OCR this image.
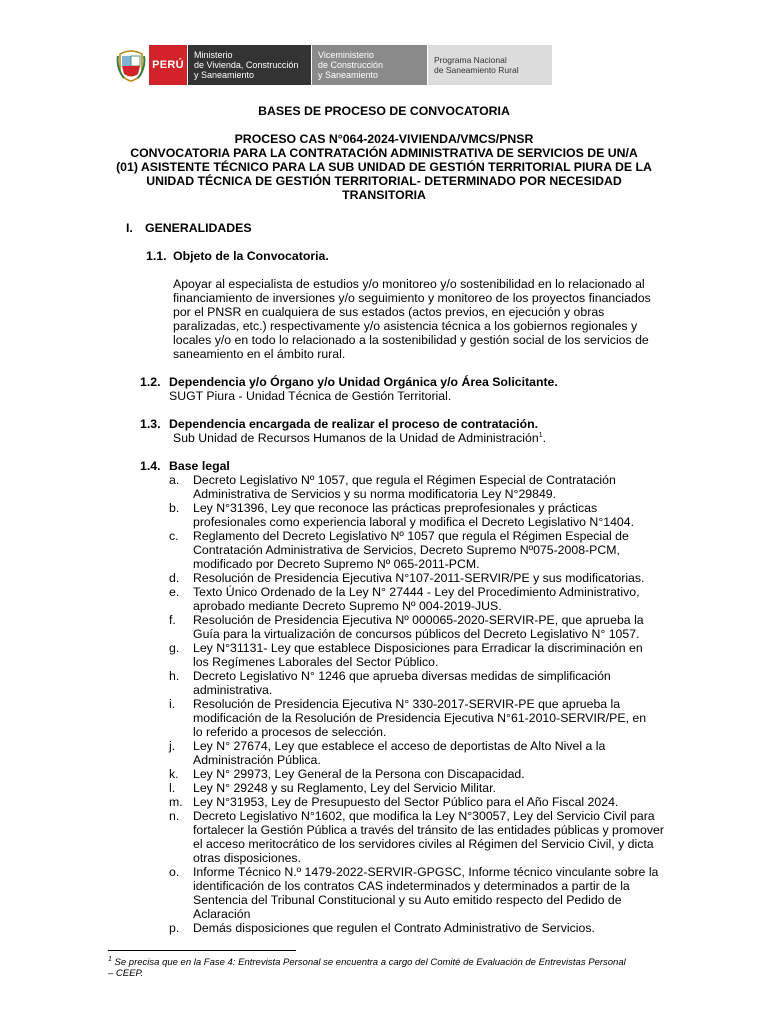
PERÚ
Ministerio
de Vivienda, Construcción
y Saneamiento
Viceministerio
de Construcción
y Saneamiento
Programa Nacional
de Saneamiento Rural
BASES DE PROCESO DE CONVOCATORIA
PROCESO CAS N°064-2024-VIVIENDA/VMCS/PNSR
CONVOCATORIA PARA LA CONTRATACIÓN ADMINISTRATIVA DE SERVICIOS DE UN/A
(01) ASISTENTE TÉCNICO PARA LA SUB UNIDAD DE GESTIÓN TERRITORIAL PIURA DE LA
UNIDAD TÉCNICA DE GESTIÓN TERRITORIAL- DETERMINADO POR NECESIDAD
TRANSITORIA
I. GENERALIDADES
1.1. Objeto de la Convocatoria.
Apoyar al especialista de estudios y/o monitoreo y/o sostenibilidad en lo relacionado al
financiamiento de inversiones y/o seguimiento y monitoreo de los proyectos financiados
por el PNSR en cualquiera de sus estados (actos previos, en ejecución y obras
paralizadas, etc.) respectivamente y/o asistencia técnica a los gobiernos regionales y
locales y/o en todo lo relacionado a la sostenibilidad y gestión social de los servicios de
saneamiento en el ámbito rural.
1.2. Dependencia y/o Órgano y/o Unidad Orgánica y/o Área Solicitante.
SUGT Piura - Unidad Técnica de Gestión Territorial.
1.3. Dependencia encargada de realizar el proceso de contratación.
Sub Unidad de Recursos Humanos de la Unidad de Administración$^1$.
1.4. Base legal
a. Decreto Legislativo Nº 1057, que regula el Régimen Especial de Contratación
Administrativa de Servicios y su norma modificatoria Ley N°29849.
b. Ley N°31396, Ley que reconoce las prácticas preprofesionales y prácticas
profesionales como experiencia laboral y modifica el Decreto Legislativo N°1404.
c. Reglamento del Decreto Legislativo Nº 1057 que regula el Régimen Especial de
Contratación Administrativa de Servicios, Decreto Supremo Nº075-2008-PCM,
modificado por Decreto Supremo Nº 065-2011-PCM.
d. Resolución de Presidencia Ejecutiva N°107-2011-SERVIR/PE y sus modificatorias.
e. Texto Único Ordenado de la Ley N° 27444 - Ley del Procedimiento Administrativo,
aprobado mediante Decreto Supremo Nº 004-2019-JUS.
f. Resolución de Presidencia Ejecutiva Nº 000065-2020-SERVIR-PE, que aprueba la
Guía para la virtualización de concursos públicos del Decreto Legislativo N° 1057.
g. Ley N°31131- Ley que establece Disposiciones para Erradicar la discriminación en
los Regímenes Laborales del Sector Público.
h. Decreto Legislativo N° 1246 que aprueba diversas medidas de simplificación
administrativa.
i. Resolución de Presidencia Ejecutiva N° 330-2017-SERVIR-PE que aprueba la
modificación de la Resolución de Presidencia Ejecutiva N°61-2010-SERVIR/PE, en
lo referido a procesos de selección.
j. Ley N° 27674, Ley que establece el acceso de deportistas de Alto Nivel a la
Administración Pública.
k. Ley N° 29973, Ley General de la Persona con Discapacidad.
l. Ley N° 29248 y su Reglamento, Ley del Servicio Militar.
m. Ley N°31953, Ley de Presupuesto del Sector Público para el Año Fiscal 2024.
n. Decreto Legislativo N°1602, que modifica la Ley N°30057, Ley del Servicio Civil para
fortalecer la Gestión Pública a través del tránsito de las entidades públicas y promover
el acceso meritocrático de los servidores civiles al Régimen del Servicio Civil, y dicta
otras disposiciones.
o. Informe Técnico N.º 1479-2022-SERVIR-GPGSC, Informe técnico vinculante sobre la
identificación de los contratos CAS indeterminados y determinados a partir de la
Sentencia del Tribunal Constitucional y su Auto emitido respecto del Pedido de
Aclaración
p. Demás disposiciones que regulen el Contrato Administrativo de Servicios.
$^1$ Se precisa que en la Fase 4: Entrevista Personal se encuentra a cargo del Comité de Evaluación de Entrevistas Personal
– CEEP.
